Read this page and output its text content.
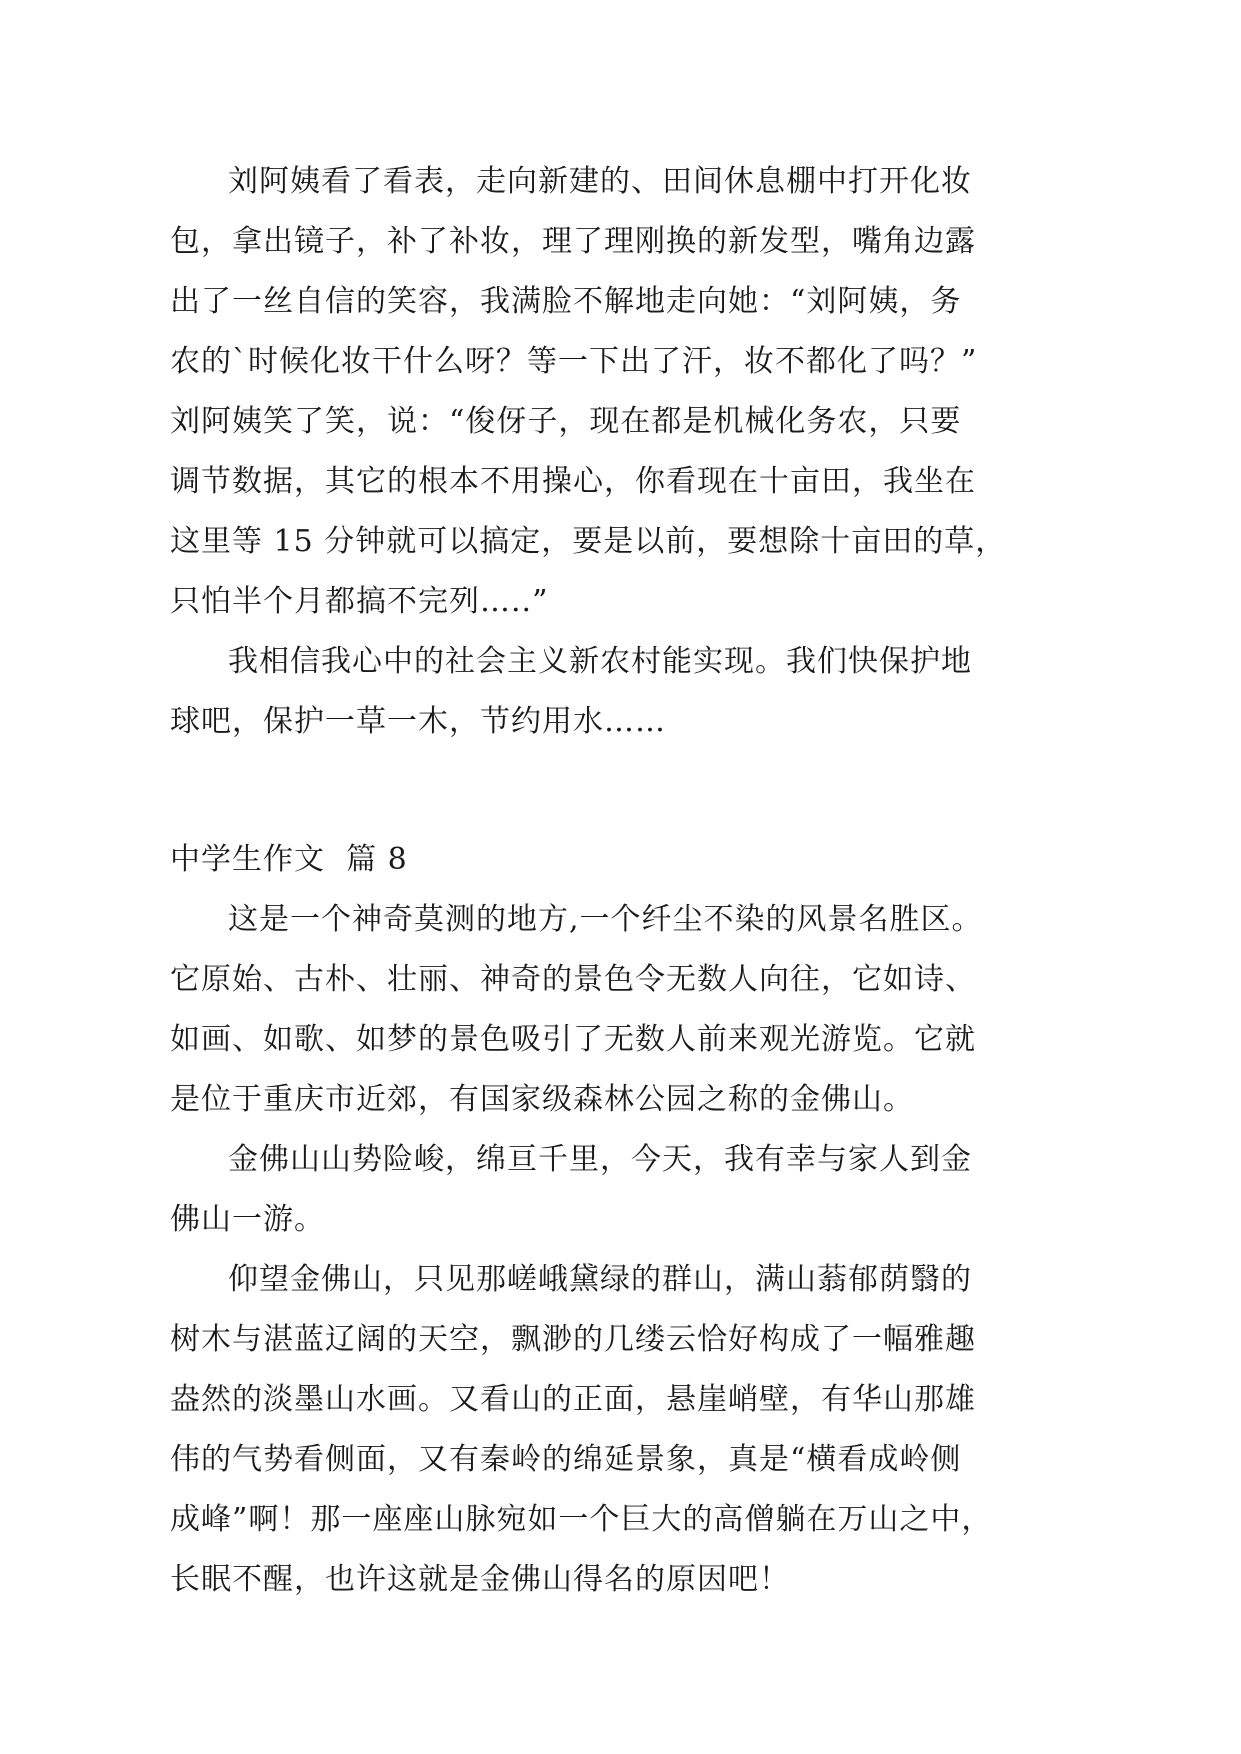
刘阿姨看了看表，走向新建的、田间休息棚中打开化妆
包，拿出镜子，补了补妆，理了理刚换的新发型，嘴角边露
出了一丝自信的笑容，我满脸不解地走向她：“刘阿姨，务
农的`时候化妆干什么呀？等一下出了汗，妆不都化了吗？”
刘阿姨笑了笑，说：“俊伢子，现在都是机械化务农，只要
调节数据，其它的根本不用操心，你看现在十亩田，我坐在
这里等 15 分钟就可以搞定，要是以前，要想除十亩田的草，
只怕半个月都搞不完列…..”
我相信我心中的社会主义新农村能实现。我们快保护地
球吧，保护一草一木，节约用水……
中学生作文  篇 8
这是一个神奇莫测的地方,一个纤尘不染的风景名胜区。
它原始、古朴、壮丽、神奇的景色令无数人向往，它如诗、
如画、如歌、如梦的景色吸引了无数人前来观光游览。它就
是位于重庆市近郊，有国家级森林公园之称的金佛山。
金佛山山势险峻，绵亘千里，今天，我有幸与家人到金
佛山一游。
仰望金佛山，只见那嵯峨黛绿的群山，满山蓊郁荫翳的
树木与湛蓝辽阔的天空，飘渺的几缕云恰好构成了一幅雅趣
盎然的淡墨山水画。又看山的正面，悬崖峭壁，有华山那雄
伟的气势看侧面，又有秦岭的绵延景象，真是“横看成岭侧
成峰”啊！那一座座山脉宛如一个巨大的高僧躺在万山之中，
长眠不醒，也许这就是金佛山得名的原因吧！
